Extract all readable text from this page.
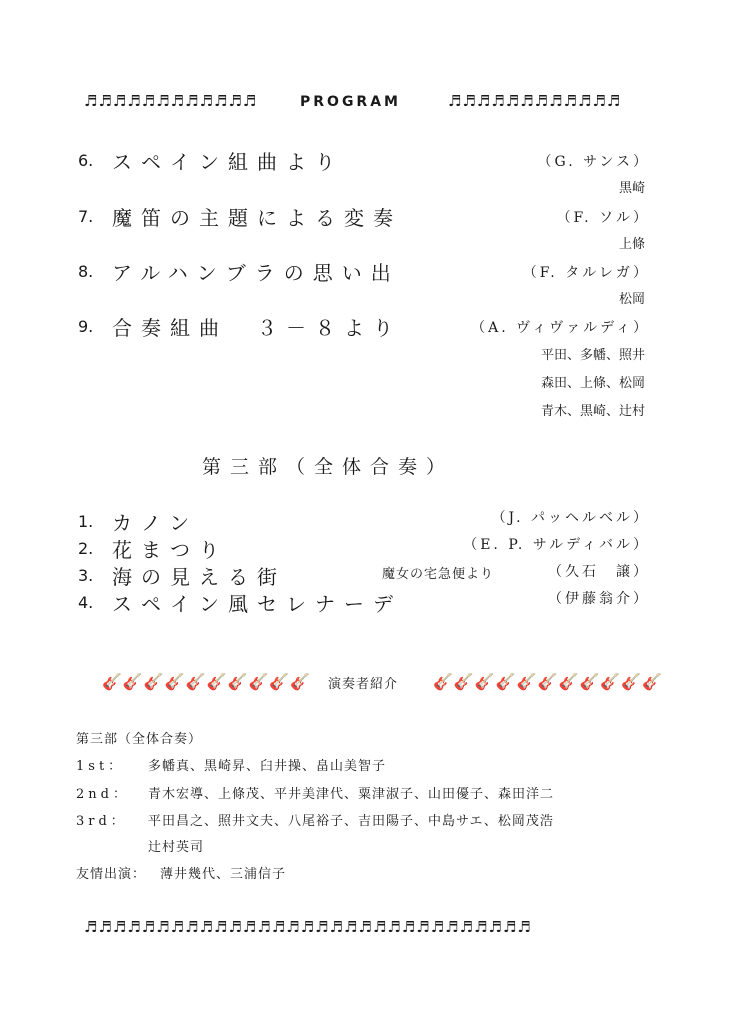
♬♬♬♬♬♬♬♬♬♬♬♬	PROGRAM	♬♬♬♬♬♬♬♬♬♬♬♬
6. スペイン組曲より	（G. サンス）
黒崎
7. 魔笛の主題による変奏	（F. ソル）
上條
8. アルハンブラの思い出	（F. タルレガ）
松岡
9. 合奏組曲　３－８より	（A. ヴィヴァルディ）
平田、多幡、照井
森田、上條、松岡
青木、黒崎、辻村
第三部（全体合奏）
1. カノン	（J. パッヘルベル）
2. 花まつり	（E. P. サルディバル）
3. 海の見える街	魔女の宅急便より	（久石　譲）
4. スペイン風セレナーデ	（伊藤翁介）
🎸🎸🎸🎸🎸🎸🎸🎸🎸🎸 演奏者紹介 🎸🎸🎸🎸🎸🎸🎸🎸🎸🎸🎸
第三部（全体合奏）
1st： 多幡真、黒崎昇、臼井操、畠山美智子
2nd： 青木宏導、上條茂、平井美津代、粟津淑子、山田優子、森田洋二
3rd： 平田昌之、照井文夫、八尾裕子、吉田陽子、中島サエ、松岡茂浩
辻村英司
友情出演： 薄井幾代、三浦信子
♬♬♬♬♬♬♬♬♬♬♬♬♬♬♬♬♬♬♬♬♬♬♬♬♬♬♬♬♬♬♬
